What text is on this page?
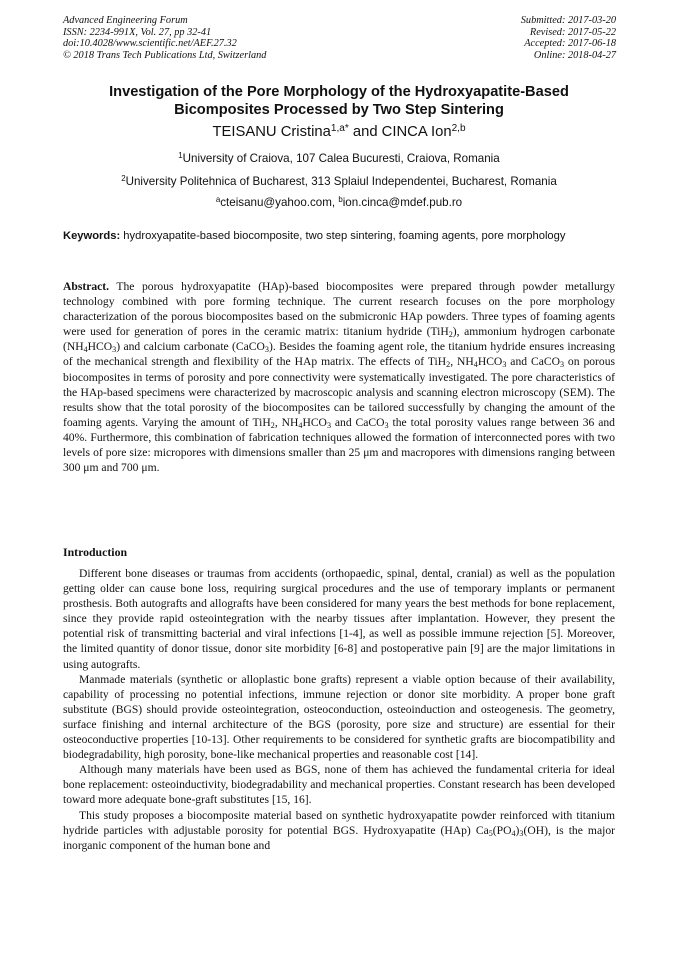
Advanced Engineering Forum
ISSN: 2234-991X, Vol. 27, pp 32-41
doi:10.4028/www.scientific.net/AEF.27.32
© 2018 Trans Tech Publications Ltd, Switzerland
Submitted: 2017-03-20
Revised: 2017-05-22
Accepted: 2017-06-18
Online: 2018-04-27
Investigation of the Pore Morphology of the Hydroxyapatite-Based
Bicomposites Processed by Two Step Sintering
TEISANU Cristina$^{1,a*}$ and CINCA Ion$^{2,b}$
$^1$University of Craiova, 107 Calea Bucuresti, Craiova, Romania
$^2$University Politehnica of Bucharest, 313 Splaiul Independentei, Bucharest, Romania
$^a$cteisanu@yahoo.com, $^b$ion.cinca@mdef.pub.ro
Keywords: hydroxyapatite-based biocomposite, two step sintering, foaming agents, pore morphology
Abstract. The porous hydroxyapatite (HAp)-based biocomposites were prepared through powder metallurgy technology combined with pore forming technique. The current research focuses on the pore morphology characterization of the porous biocomposites based on the submicronic HAp powders. Three types of foaming agents were used for generation of pores in the ceramic matrix: titanium hydride (TiH$_2$), ammonium hydrogen carbonate $(NH_4HCO_3)$ and calcium carbonate (CaCO$_3$). Besides the foaming agent role, the titanium hydride ensures increasing of the mechanical strength and flexibility of the HAp matrix. The effects of TiH$_2$, $NH_4HCO_3$ and CaCO$_3$ on porous biocomposites in terms of porosity and pore connectivity were systematically investigated. The pore characteristics of the HAp-based specimens were characterized by macroscopic analysis and scanning electron microscopy (SEM). The results show that the total porosity of the biocomposites can be tailored successfully by changing the amount of the foaming agents. Varying the amount of TiH$_2$, $NH_4HCO_3$ and CaCO$_3$ the total porosity values range between 36 and 40%. Furthermore, this combination of fabrication techniques allowed the formation of interconnected pores with two levels of pore size: micropores with dimensions smaller than 25 μm and macropores with dimensions ranging between 300 μm and 700 μm.
Introduction

Different bone diseases or traumas from accidents (orthopaedic, spinal, dental, cranial) as well as the population getting older can cause bone loss, requiring surgical procedures and the use of temporary implants or permanent prosthesis. Both autografts and allografts have been considered for many years the best methods for bone replacement, since they provide rapid osteointegration with the nearby tissues after implantation. However, they present the potential risk of transmitting bacterial and viral infections [1-4], as well as possible immune rejection [5]. Moreover, the limited quantity of donor tissue, donor site morbidity [6-8] and postoperative pain [9] are the major limitations in using autografts.

Manmade materials (synthetic or alloplastic bone grafts) represent a viable option because of their availability, capability of processing no potential infections, immune rejection or donor site morbidity. A proper bone graft substitute (BGS) should provide osteointegration, osteoconduction, osteoinduction and osteogenesis. The geometry, surface finishing and internal architecture of the BGS (porosity, pore size and structure) are essential for their osteoconductive properties [10-13]. Other requirements to be considered for synthetic grafts are biocompatibility and biodegradability, high porosity, bone-like mechanical properties and reasonable cost [14].

Although many materials have been used as BGS, none of them has achieved the fundamental criteria for ideal bone replacement: osteoinductivity, biodegradability and mechanical properties. Constant research has been developed toward more adequate bone-graft substitutes [15, 16].

This study proposes a biocomposite material based on synthetic hydroxyapatite powder reinforced with titanium hydride particles with adjustable porosity for potential BGS. Hydroxyapatite (HAp) $Ca_5(PO_4)_3(OH)$, is the major inorganic component of the human bone and
